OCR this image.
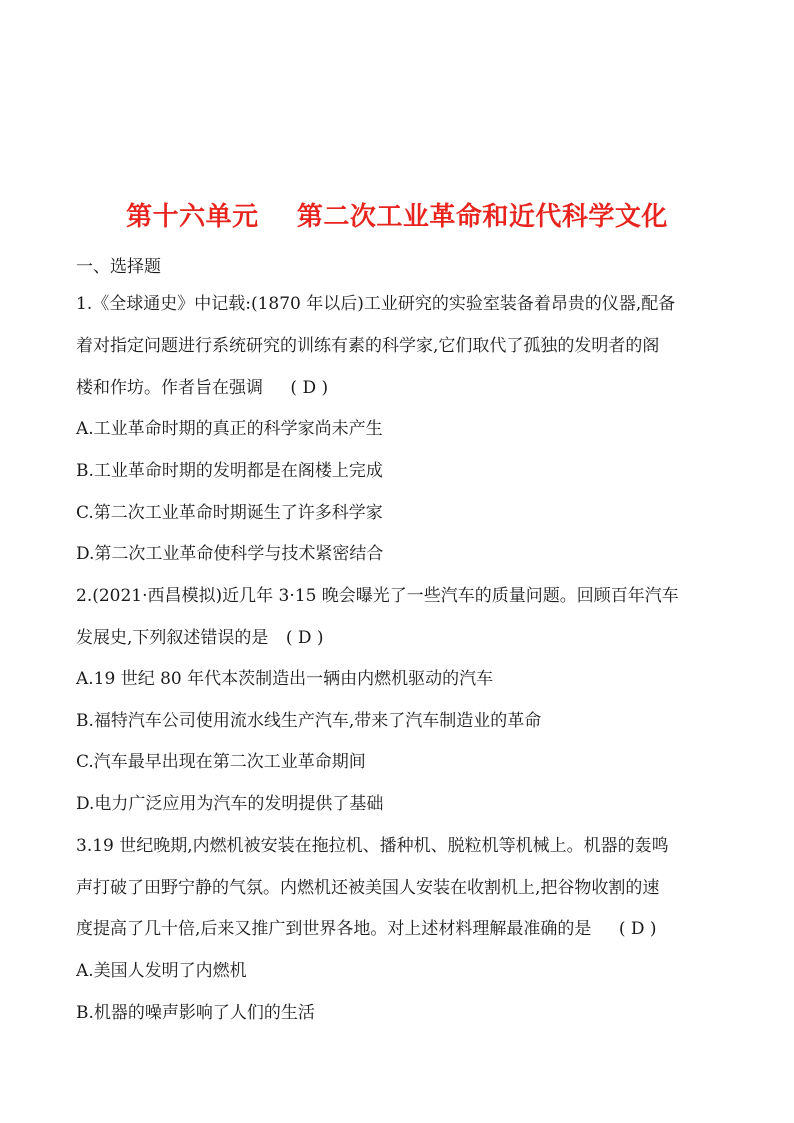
第十六单元    第二次工业革命和近代科学文化
一、选择题
1.《全球通史》中记载:(1870 年以后)工业研究的实验室装备着昂贵的仪器,配备
着对指定问题进行系统研究的训练有素的科学家,它们取代了孤独的发明者的阁
楼和作坊。作者旨在强调 ( D )
A.工业革命时期的真正的科学家尚未产生
B.工业革命时期的发明都是在阁楼上完成
C.第二次工业革命时期诞生了许多科学家
D.第二次工业革命使科学与技术紧密结合
2.(2021·西昌模拟)近几年 3·15 晚会曝光了一些汽车的质量问题。回顾百年汽车
发展史,下列叙述错误的是 ( D )
A.19 世纪 80 年代本茨制造出一辆由内燃机驱动的汽车
B.福特汽车公司使用流水线生产汽车,带来了汽车制造业的革命
C.汽车最早出现在第二次工业革命期间
D.电力广泛应用为汽车的发明提供了基础
3.19 世纪晚期,内燃机被安装在拖拉机、播种机、脱粒机等机械上。机器的轰鸣
声打破了田野宁静的气氛。内燃机还被美国人安装在收割机上,把谷物收割的速
度提高了几十倍,后来又推广到世界各地。对上述材料理解最准确的是 ( D )
A.美国人发明了内燃机
B.机器的噪声影响了人们的生活
